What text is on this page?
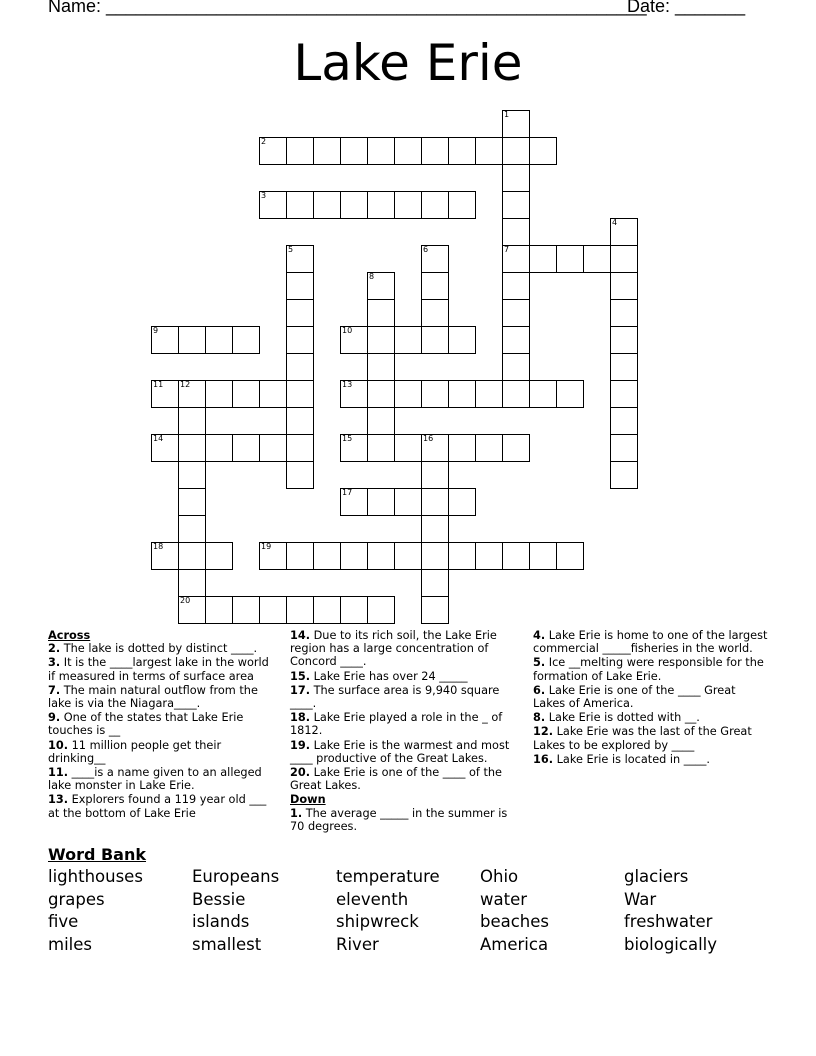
Name: ______________________________________________________
Date: _______
Lake Erie
1
7
2
3
4
5	6
8
9	10
11 12
20
13
14	15	16
17
18	19
Across
2. The lake is dotted by distinct ____.
3. It is the ____largest lake in the world if measured in terms of surface area
7. The main natural outflow from the lake is via the Niagara____.
9. One of the states that Lake Erie touches is __
10. 11 million people get their drinking__
11. ____is a name given to an alleged lake monster in Lake Erie.
13. Explorers found a 119 year old ___ at the bottom of Lake Erie
14. Due to its rich soil, the Lake Erie region has a large concentration of Concord ____.
15. Lake Erie has over 24 _____
17. The surface area is 9,940 square ____.
18. Lake Erie played a role in the _ of 1812.
19. Lake Erie is the warmest and most ____ productive of the Great Lakes.
20. Lake Erie is one of the ____ of the Great Lakes.
Down
1. The average _____ in the summer is 70 degrees.
4. Lake Erie is home to one of the largest commercial _____fisheries in the world.
5. Ice __melting were responsible for the formation of Lake Erie.
6. Lake Erie is one of the ____ Great Lakes of America.
8. Lake Erie is dotted with __.
12. Lake Erie was the last of the Great Lakes to be explored by ____
16. Lake Erie is located in ____.
Word Bank
lighthouses	Europeans	temperature	Ohio	glaciers
grapes	Bessie	eleventh	water	War
five	islands	shipwreck	beaches	freshwater
miles	smallest	River	America	biologically
